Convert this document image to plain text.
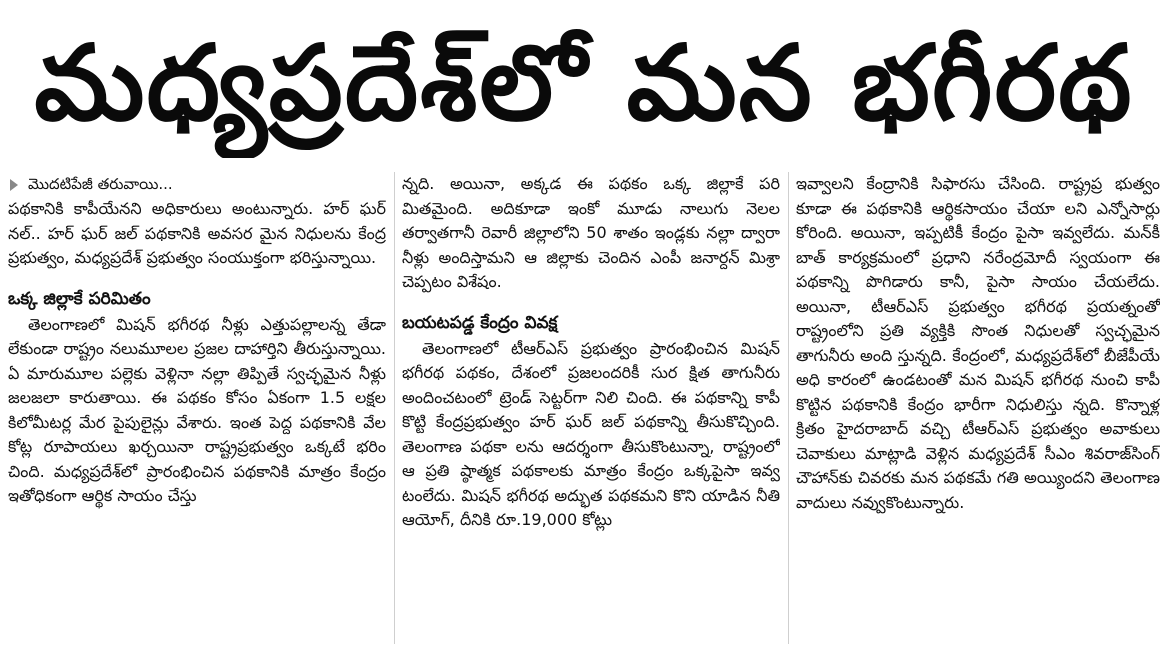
మధ్యప్రదేశ్‌లో మన భగీరథ
మొదటిపేజీ తరువాయి...

పథకానికి కాపీయేనని అధికారులు అంటున్నారు. హర్‌ ఘర్‌ నల్‌.. హర్‌ ఘర్‌ జల్‌ పథకానికి అవసర మైన నిధులను కేంద్ర ప్రభుత్వం, మధ్యప్రదేశ్‌ ప్రభుత్వం సంయుక్తంగా భరిస్తున్నాయి.

ఒక్క జిల్లాకే పరిమితం

తెలంగాణలో మిషన్‌ భగీరథ నీళ్లు ఎత్తుపల్లాలన్న తేడా లేకుండా రాష్ట్రం నలుమూలల ప్రజల దాహార్తిని తీరుస్తున్నాయి. ఏ మారుమూల పల్లెకు వెళ్లినా నల్లా తిప్పితే స్వచ్ఛమైన నీళ్లు జలజలా కారుతాయి. ఈ పథకం కోసం ఏకంగా 1.5 లక్షల కిలోమీటర్ల మేర పైపులైన్లు వేశారు. ఇంత పెద్ద పథకానికి వేల కోట్ల రూపాయలు ఖర్చయినా రాష్ట్రప్రభుత్వం ఒక్కటే భరిం చింది. మధ్యప్రదేశ్‌లో ప్రారంభించిన పథకానికి మాత్రం కేంద్రం ఇతోధికంగా ఆర్థిక సాయం చేస్తు

న్నది. అయినా, అక్కడ ఈ పథకం ఒక్క జిల్లాకే పరి మితమైంది. అదికూడా ఇంకో మూడు నాలుగు నెలల తర్వాతగానీ రెవారీ జిల్లాలోని 50 శాతం ఇండ్లకు నల్లా ద్వారా నీళ్లు అందిస్తామని ఆ జిల్లాకు చెందిన ఎంపీ జనార్దన్‌ మిశ్రా చెప్పటం విశేషం.

బయటపడ్డ కేంద్రం వివక్ష

తెలంగాణలో టీఆర్‌ఎస్‌ ప్రభుత్వం ప్రారంభించిన మిషన్‌ భగీరథ పథకం, దేశంలో ప్రజలందరికీ సుర క్షిత తాగునీరు అందించటంలో ట్రెండ్‌ సెట్టర్‌గా నిలి చింది. ఈ పథకాన్ని కాపీ కొట్టి కేంద్రప్రభుత్వం హర్‌ ఘర్‌ జల్‌ పథకాన్ని తీసుకొచ్చింది. తెలంగాణ పథకా లను ఆదర్శంగా తీసుకొంటున్నా, రాష్ట్రంలో ఆ ప్రతి ష్ఠాత్మక పథకాలకు మాత్రం కేంద్రం ఒక్కపైసా ఇవ్వ టంలేదు. మిషన్‌ భగీరథ అద్భుత పథకమని కొని యాడిన నీతి ఆయోగ్‌, దీనికి రూ.19,000 కోట్లు

ఇవ్వాలని కేంద్రానికి సిఫారసు చేసింది. రాష్ట్రప్ర భుత్వం కూడా ఈ పథకానికి ఆర్థికసాయం చేయా లని ఎన్నోసార్లు కోరింది. అయినా, ఇప్పటికీ కేంద్రం పైసా ఇవ్వలేదు. మన్‌కీ బాత్‌ కార్యక్రమంలో ప్రధాని నరేంద్రమోదీ స్వయంగా ఈ పథకాన్ని పొగిడారు కానీ, పైసా సాయం చేయలేదు. అయినా, టీఆర్‌ఎస్‌ ప్రభుత్వం భగీరథ ప్రయత్నంతో రాష్ట్రంలోని ప్రతి వ్యక్తికి సొంత నిధులతో స్వచ్ఛమైన తాగునీరు అంది స్తున్నది. కేంద్రంలో, మధ్యప్రదేశ్‌లో బీజేపీయే అధి కారంలో ఉండటంతో మన మిషన్‌ భగీరథ నుంచి కాపీ కొట్టిన పథకానికి కేంద్రం భారీగా నిధులిస్తు న్నది. కొన్నాళ్ల క్రితం హైదరాబాద్‌ వచ్చి టీఆర్‌ఎస్‌ ప్రభుత్వం అవాకులు చెవాకులు మాట్లాడి వెళ్లిన మధ్యప్రదేశ్‌ సీఎం శివరాజ్‌సింగ్‌ చౌహాన్‌కు చివరకు మన పథకమే గతి అయ్యిందని తెలంగాణ వాదులు నవ్వుకొంటున్నారు.
